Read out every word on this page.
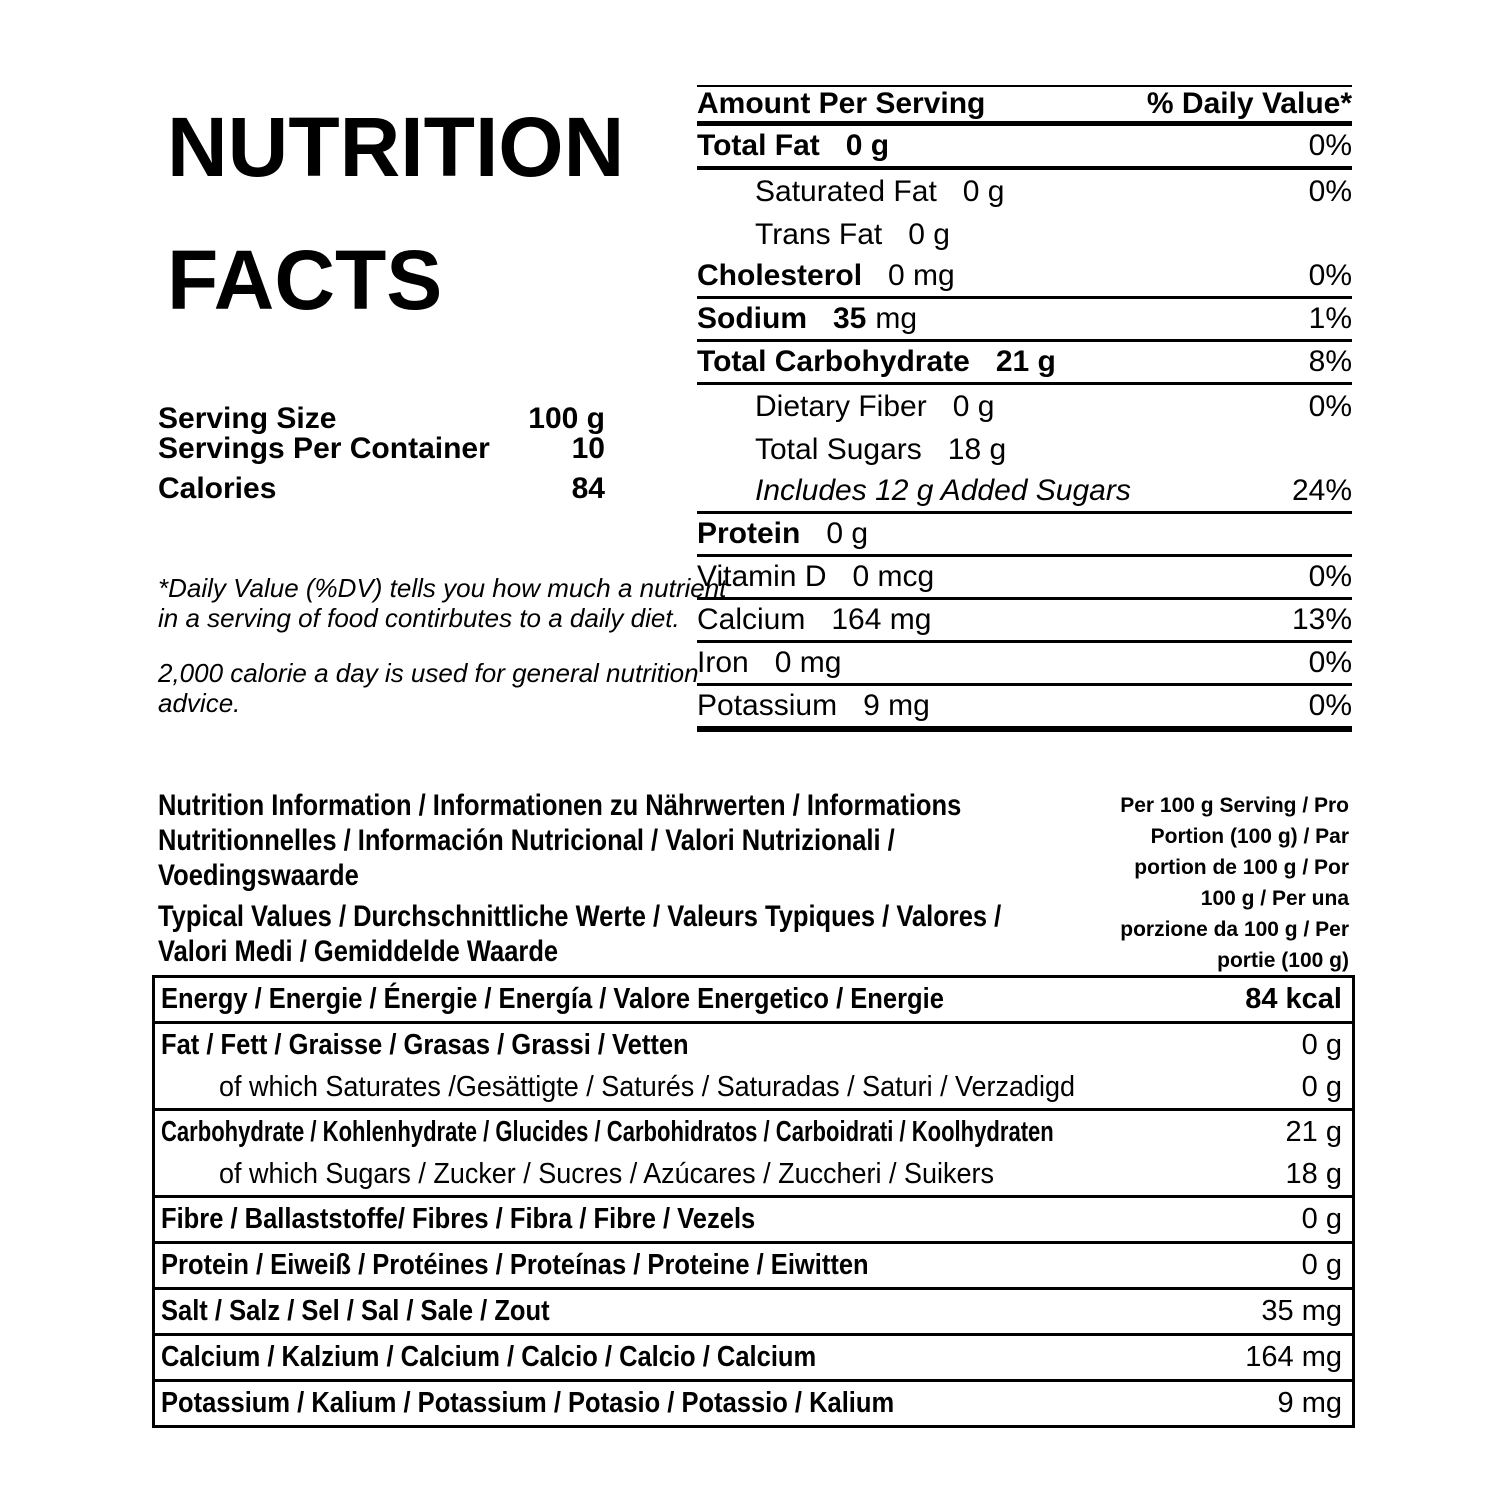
NUTRITION
FACTS
Serving Size	100 g
Servings Per Container	10
Calories	84
*Daily Value (%DV) tells you how much a nutrient
in a serving of food contirbutes to a daily diet.
2,000 calorie a day is used for general nutrition
advice.
Amount Per Serving	% Daily Value*
Total Fat 0 g	0%
Saturated Fat 0 g	0%
Trans Fat 0 g
Cholesterol 0 mg	0%
Sodium 35 mg	1%
Total Carbohydrate 21 g	8%
Dietary Fiber 0 g	0%
Total Sugars 18 g
Includes 12 g Added Sugars	24%
Protein 0 g
Vitamin D 0 mcg	0%
Calcium 164 mg	13%
Iron 0 mg	0%
Potassium 9 mg	0%
Nutrition Information / Informationen zu Nährwerten / Informations
Nutritionnelles / Información Nutricional / Valori Nutrizionali /
Voedingswaarde
Typical Values / Durchschnittliche Werte / Valeurs Typiques / Valores /
Valori Medi / Gemiddelde Waarde
Per 100 g Serving / Pro
Portion (100 g) / Par
portion de 100 g / Por
100 g / Per una
porzione da 100 g / Per
portie (100 g)
Energy / Energie / Énergie / Energía / Valore Energetico / Energie	84 kcal
Fat / Fett / Graisse / Grasas / Grassi / Vetten	0 g
of which Saturates /Gesättigte / Saturés / Saturadas / Saturi / Verzadigd	0 g
Carbohydrate / Kohlenhydrate / Glucides / Carbohidratos / Carboidrati / Koolhydraten	21 g
of which Sugars / Zucker / Sucres / Azúcares / Zuccheri / Suikers	18 g
Fibre / Ballaststoffe/ Fibres / Fibra / Fibre / Vezels	0 g
Protein / Eiweiß / Protéines / Proteínas / Proteine / Eiwitten	0 g
Salt / Salz / Sel / Sal / Sale / Zout	35 mg
Calcium / Kalzium / Calcium / Calcio / Calcio / Calcium	164 mg
Potassium / Kalium / Potassium / Potasio / Potassio / Kalium	9 mg
